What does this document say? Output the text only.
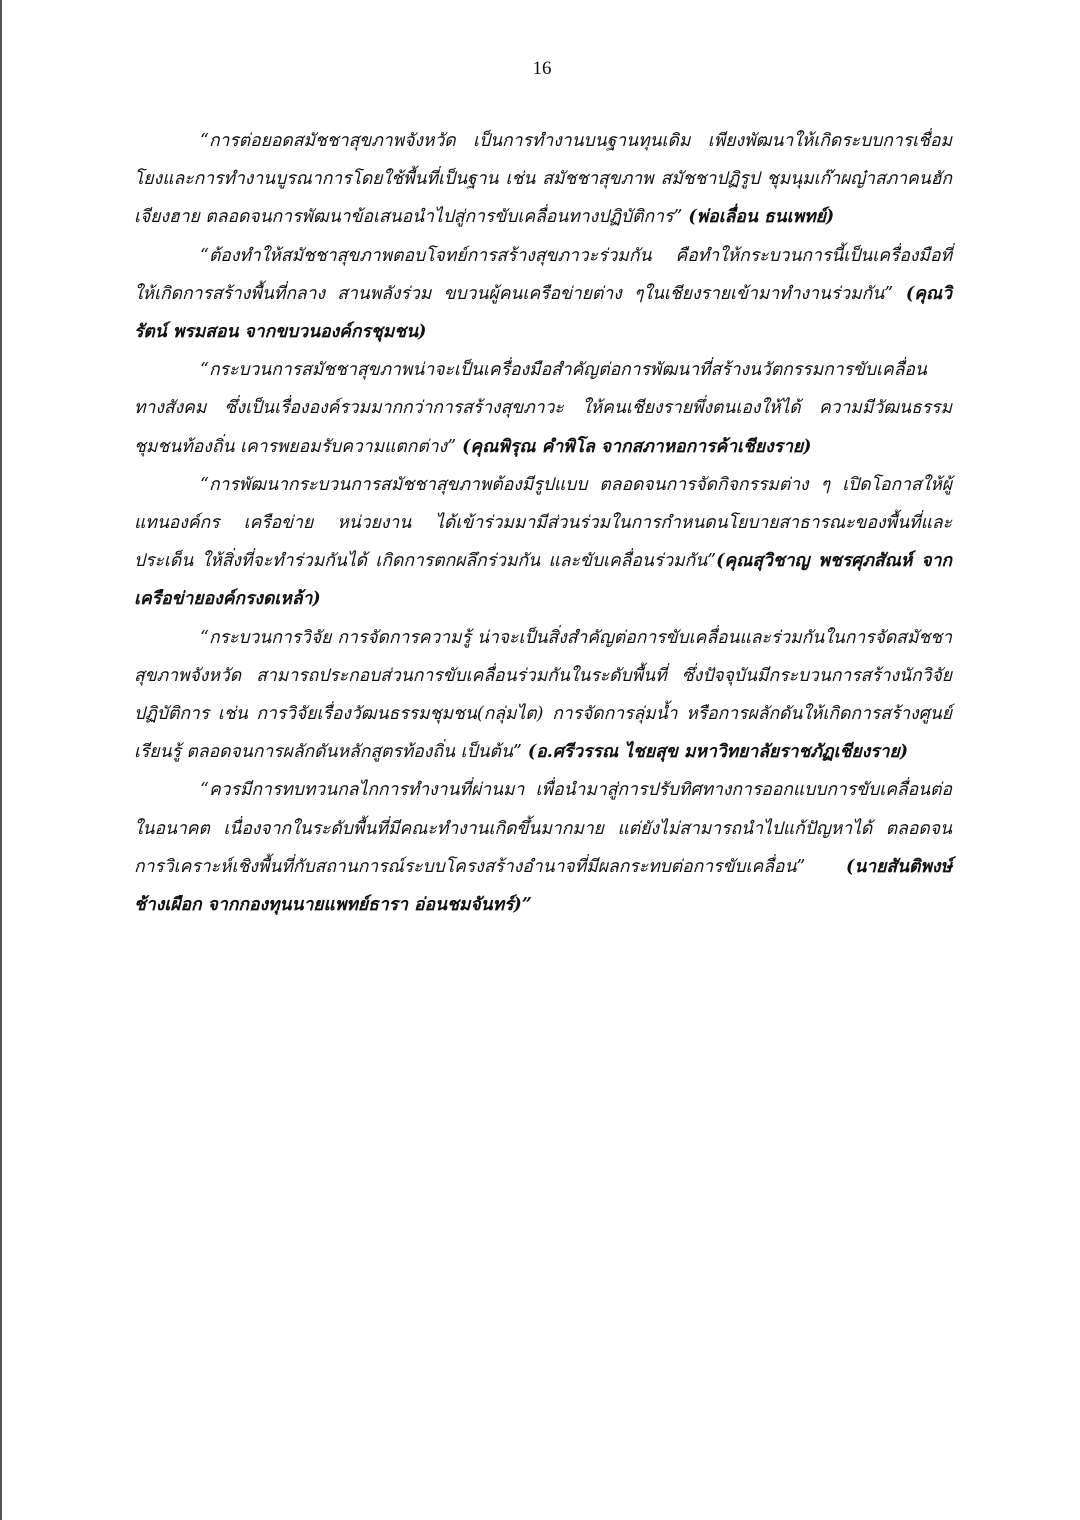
16

“การต่อยอดสมัชชาสุขภาพจังหวัด เป็นการทำงานบนฐานทุนเดิม เพียงพัฒนาให้เกิดระบบการเชื่อมโยงและการทำงานบูรณาการโดยใช้พื้นที่เป็นฐาน เช่น สมัชชาสุขภาพ สมัชชาปฏิรูป ชุมนุมเก๊าผญ๋าสภาคนฮักเจียงฮาย ตลอดจนการพัฒนาข้อเสนอนำไปสู่การขับเคลื่อนทางปฏิบัติการ” (พ่อเลื่อน ธนเพทย์)

“ต้องทำให้สมัชชาสุขภาพตอบโจทย์การสร้างสุขภาวะร่วมกัน คือทำให้กระบวนการนี้เป็นเครื่องมือที่ให้เกิดการสร้างพื้นที่กลาง สานพลังร่วม ขบวนผู้คนเครือข่ายต่าง ๆในเชียงรายเข้ามาทำงานร่วมกัน” (คุณวิรัตน์ พรมสอน จากขบวนองค์กรชุมชน)

“กระบวนการสมัชชาสุขภาพน่าจะเป็นเครื่องมือสำคัญต่อการพัฒนาที่สร้างนวัตกรรมการขับเคลื่อนทางสังคม ซึ่งเป็นเรื่ององค์รวมมากกว่าการสร้างสุขภาวะ ให้คนเชียงรายพึ่งตนเองให้ได้ ความมีวัฒนธรรมชุมชนท้องถิ่น เคารพยอมรับความแตกต่าง” (คุณพิรุณ คำพิโล จากสภาหอการค้าเชียงราย)

“การพัฒนากระบวนการสมัชชาสุขภาพต้องมีรูปแบบ ตลอดจนการจัดกิจกรรมต่าง ๆ เปิดโอกาสให้ผู้แทนองค์กร เครือข่าย หน่วยงาน ได้เข้าร่วมมามีส่วนร่วมในการกำหนดนโยบายสาธารณะของพื้นที่และประเด็น ให้สิ่งที่จะทำร่วมกันได้ เกิดการตกผลึกร่วมกัน และขับเคลื่อนร่วมกัน”(คุณสุวิชาญ พชรศุภสัณห์ จากเครือข่ายองค์กรงดเหล้า)

“กระบวนการวิจัย การจัดการความรู้ น่าจะเป็นสิ่งสำคัญต่อการขับเคลื่อนและร่วมกันในการจัดสมัชชาสุขภาพจังหวัด สามารถประกอบส่วนการขับเคลื่อนร่วมกันในระดับพื้นที่ ซึ่งปัจจุบันมีกระบวนการสร้างนักวิจัยปฏิบัติการ เช่น การวิจัยเรื่องวัฒนธรรมชุมชน(กลุ่มไต) การจัดการลุ่มน้ำ หรือการผลักดันให้เกิดการสร้างศูนย์เรียนรู้ ตลอดจนการผลักดันหลักสูตรท้องถิ่น เป็นต้น” (อ.ศรีวรรณ ไชยสุข มหาวิทยาลัยราชภัฏเชียงราย)

“ควรมีการทบทวนกลไกการทำงานที่ผ่านมา เพื่อนำมาสู่การปรับทิศทางการออกแบบการขับเคลื่อนต่อในอนาคต เนื่องจากในระดับพื้นที่มีคณะทำงานเกิดขึ้นมากมาย แต่ยังไม่สามารถนำไปแก้ปัญหาได้ ตลอดจนการวิเคราะห์เชิงพื้นที่กับสถานการณ์ระบบโครงสร้างอำนาจที่มีผลกระทบต่อการขับเคลื่อน” (นายสันติพงษ์ ช้างเผือก จากกองทุนนายแพทย์ธารา อ่อนชมจันทร์)”
